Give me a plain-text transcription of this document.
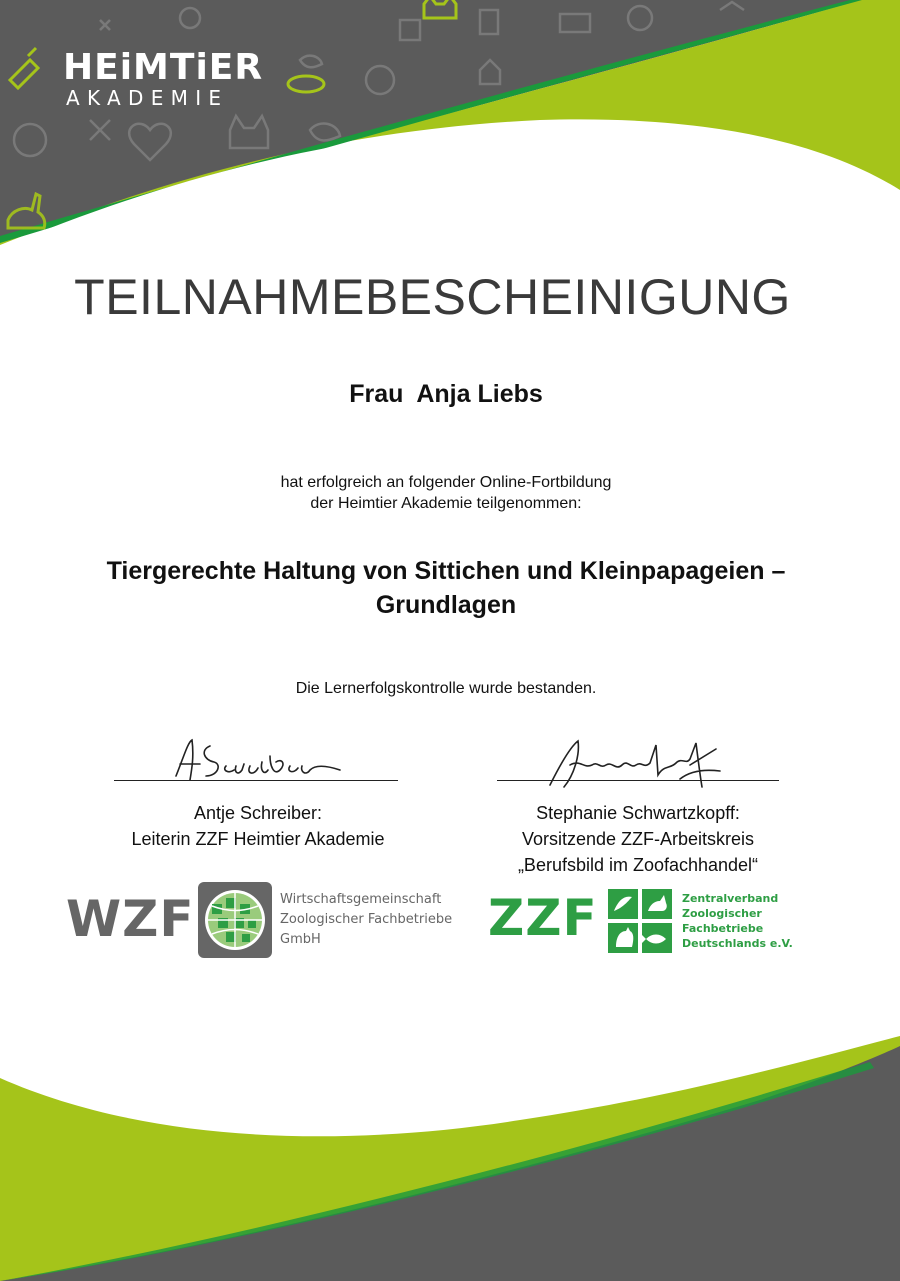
HEiMTiER
AKADEMIE
TEILNAHMEBESCHEINIGUNG
Frau  Anja Liebs
hat erfolgreich an folgender Online-Fortbildung
der Heimtier Akademie teilgenommen:
Tiergerechte Haltung von Sittichen und Kleinpapageien –
Grundlagen
Die Lernerfolgskontrolle wurde bestanden.
Antje Schreiber:
Leiterin ZZF Heimtier Akademie
Stephanie Schwartzkopff:
Vorsitzende ZZF-Arbeitskreis
„Berufsbild im Zoofachhandel“
WZF	Wirtschaftsgemeinschaft
Zoologischer Fachbetriebe
GmbH	ZZF	Zentralverband
Zoologischer
Fachbetriebe
Deutschlands e.V.
